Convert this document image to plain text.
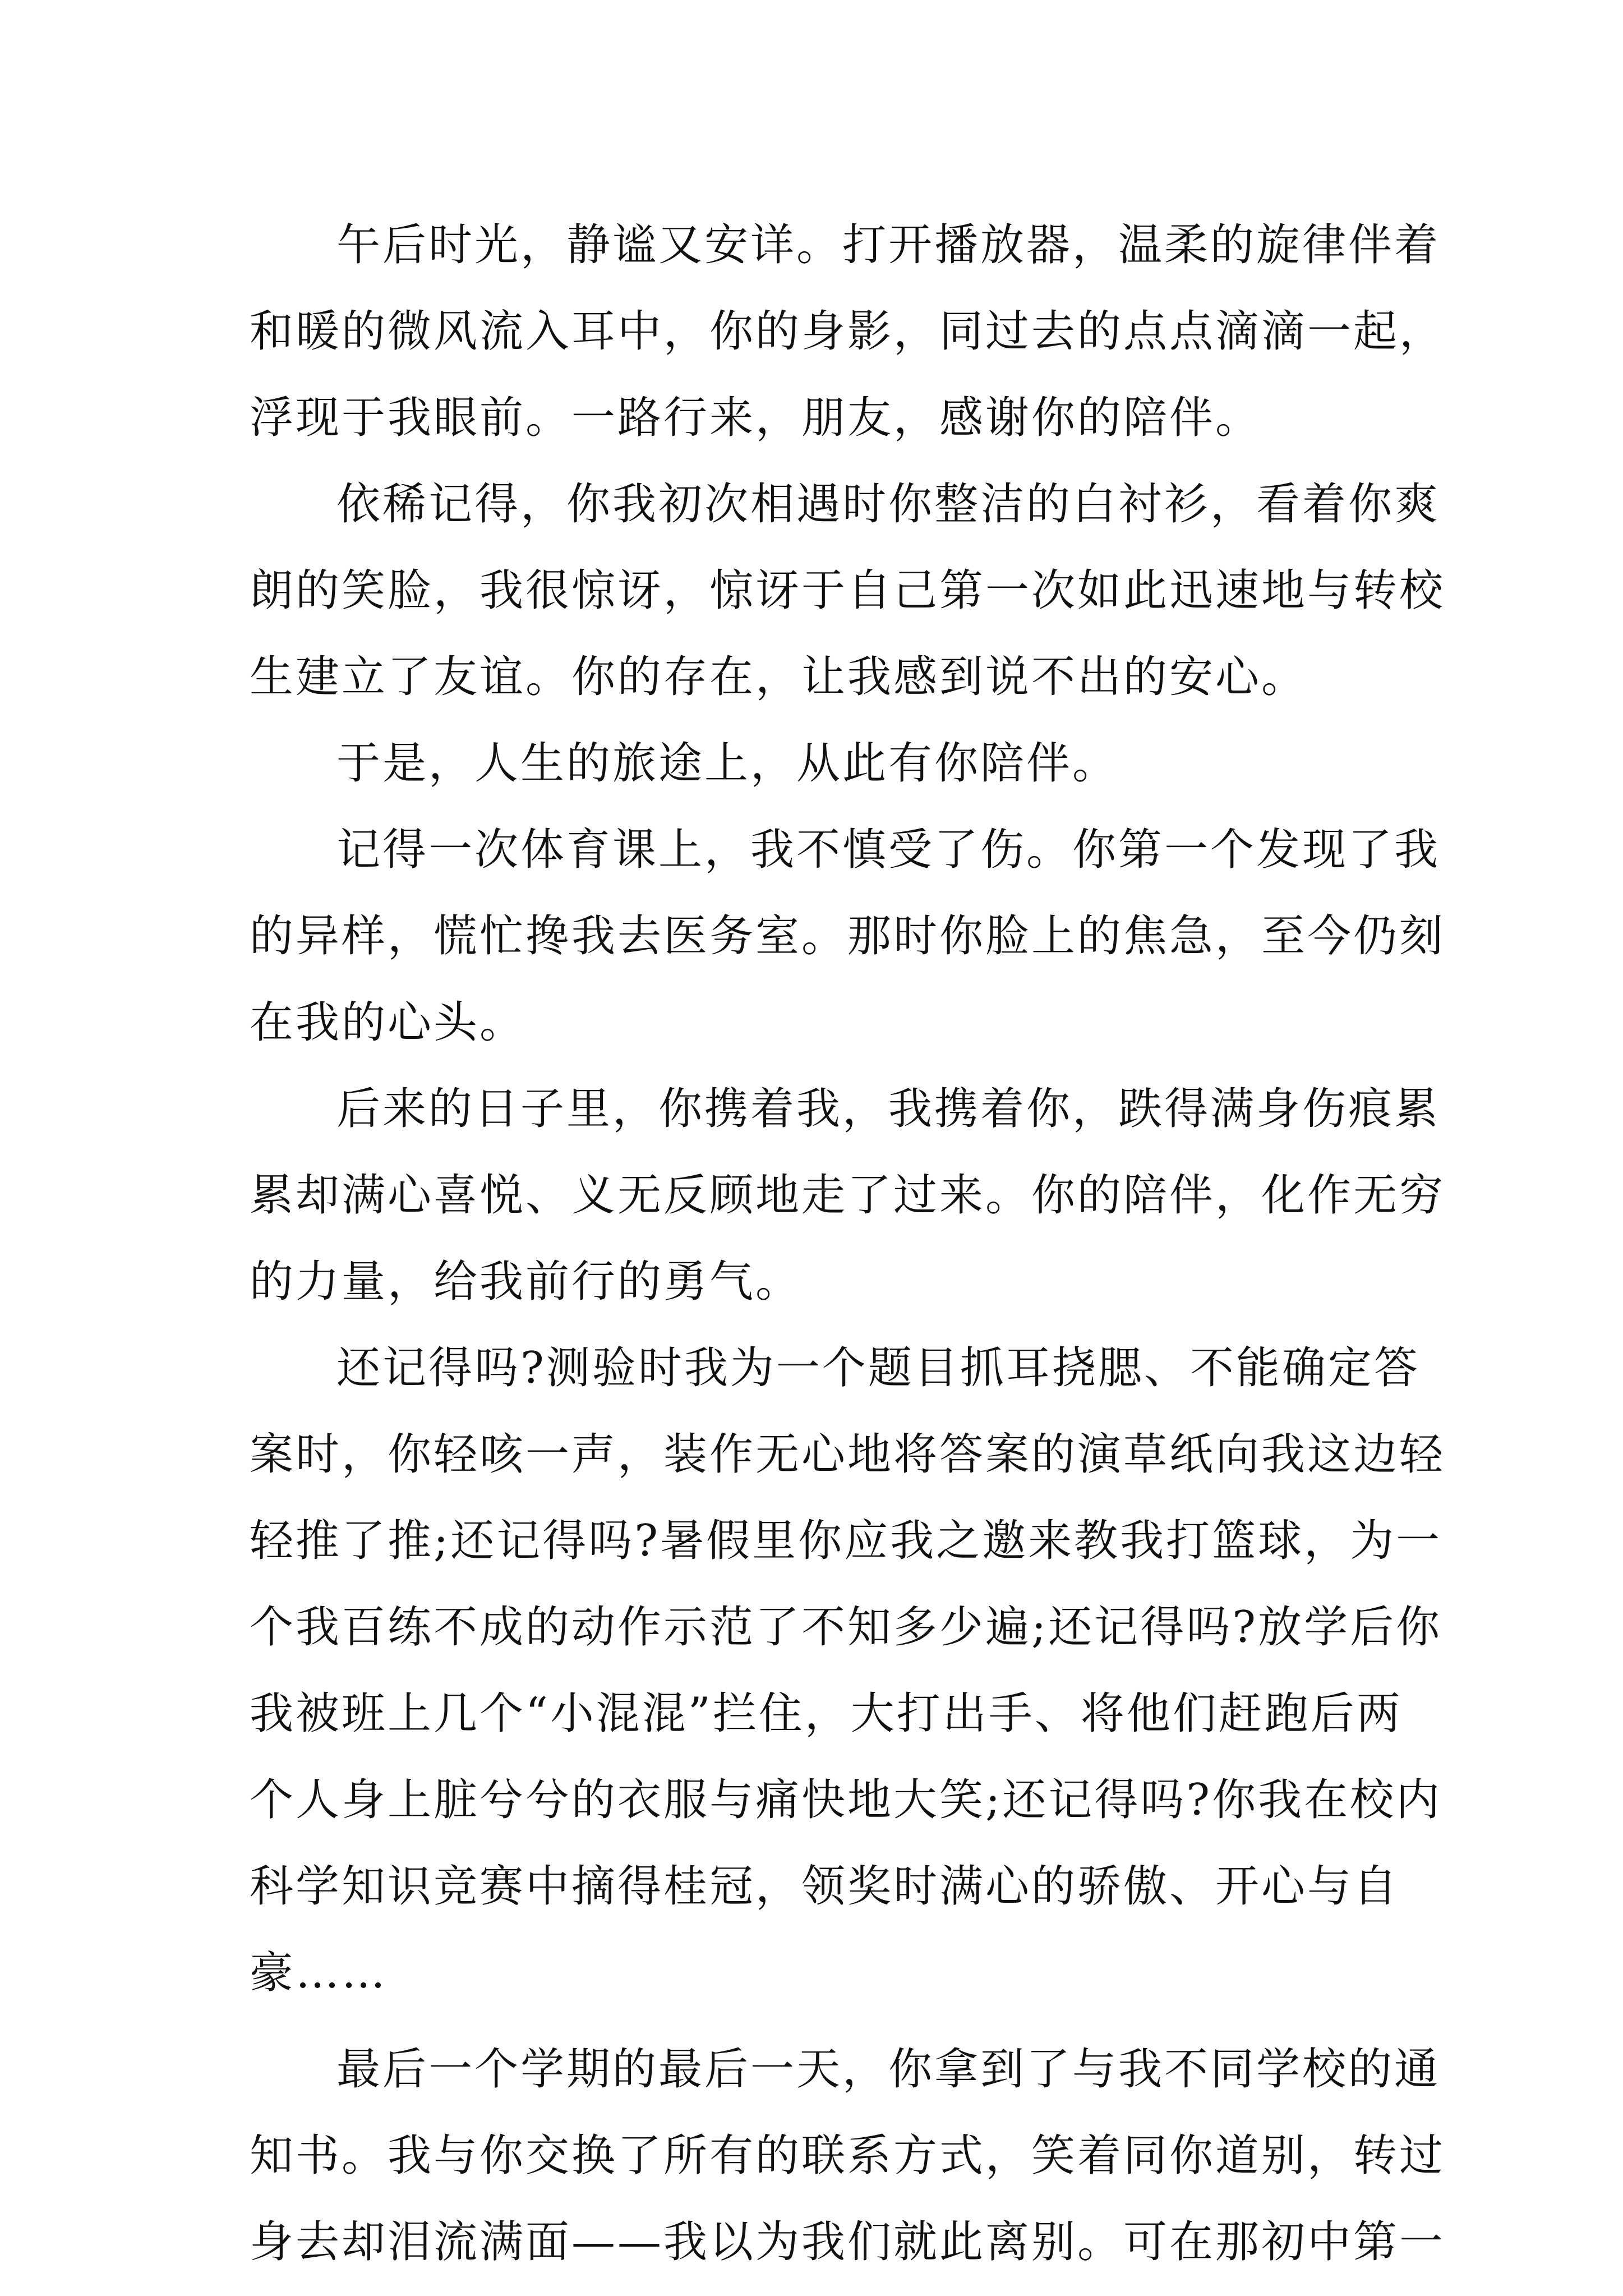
午后时光，静谧又安详。打开播放器，温柔的旋律伴着
和暖的微风流入耳中，你的身影，同过去的点点滴滴一起，
浮现于我眼前。一路行来，朋友，感谢你的陪伴。
依稀记得，你我初次相遇时你整洁的白衬衫，看着你爽
朗的笑脸，我很惊讶，惊讶于自己第一次如此迅速地与转校
生建立了友谊。你的存在，让我感到说不出的安心。
于是，人生的旅途上，从此有你陪伴。
记得一次体育课上，我不慎受了伤。你第一个发现了我
的异样，慌忙搀我去医务室。那时你脸上的焦急，至今仍刻
在我的心头。
后来的日子里，你携着我，我携着你，跌得满身伤痕累
累却满心喜悦、义无反顾地走了过来。你的陪伴，化作无穷
的力量，给我前行的勇气。
还记得吗?测验时我为一个题目抓耳挠腮、不能确定答
案时，你轻咳一声，装作无心地将答案的演草纸向我这边轻
轻推了推;还记得吗?暑假里你应我之邀来教我打篮球，为一
个我百练不成的动作示范了不知多少遍;还记得吗?放学后你
我被班上几个“小混混”拦住，大打出手、将他们赶跑后两
个人身上脏兮兮的衣服与痛快地大笑;还记得吗?你我在校内
科学知识竞赛中摘得桂冠，领奖时满心的骄傲、开心与自
豪……
最后一个学期的最后一天，你拿到了与我不同学校的通
知书。我与你交换了所有的联系方式，笑着同你道别，转过
身去却泪流满面——我以为我们就此离别。可在那初中第一
